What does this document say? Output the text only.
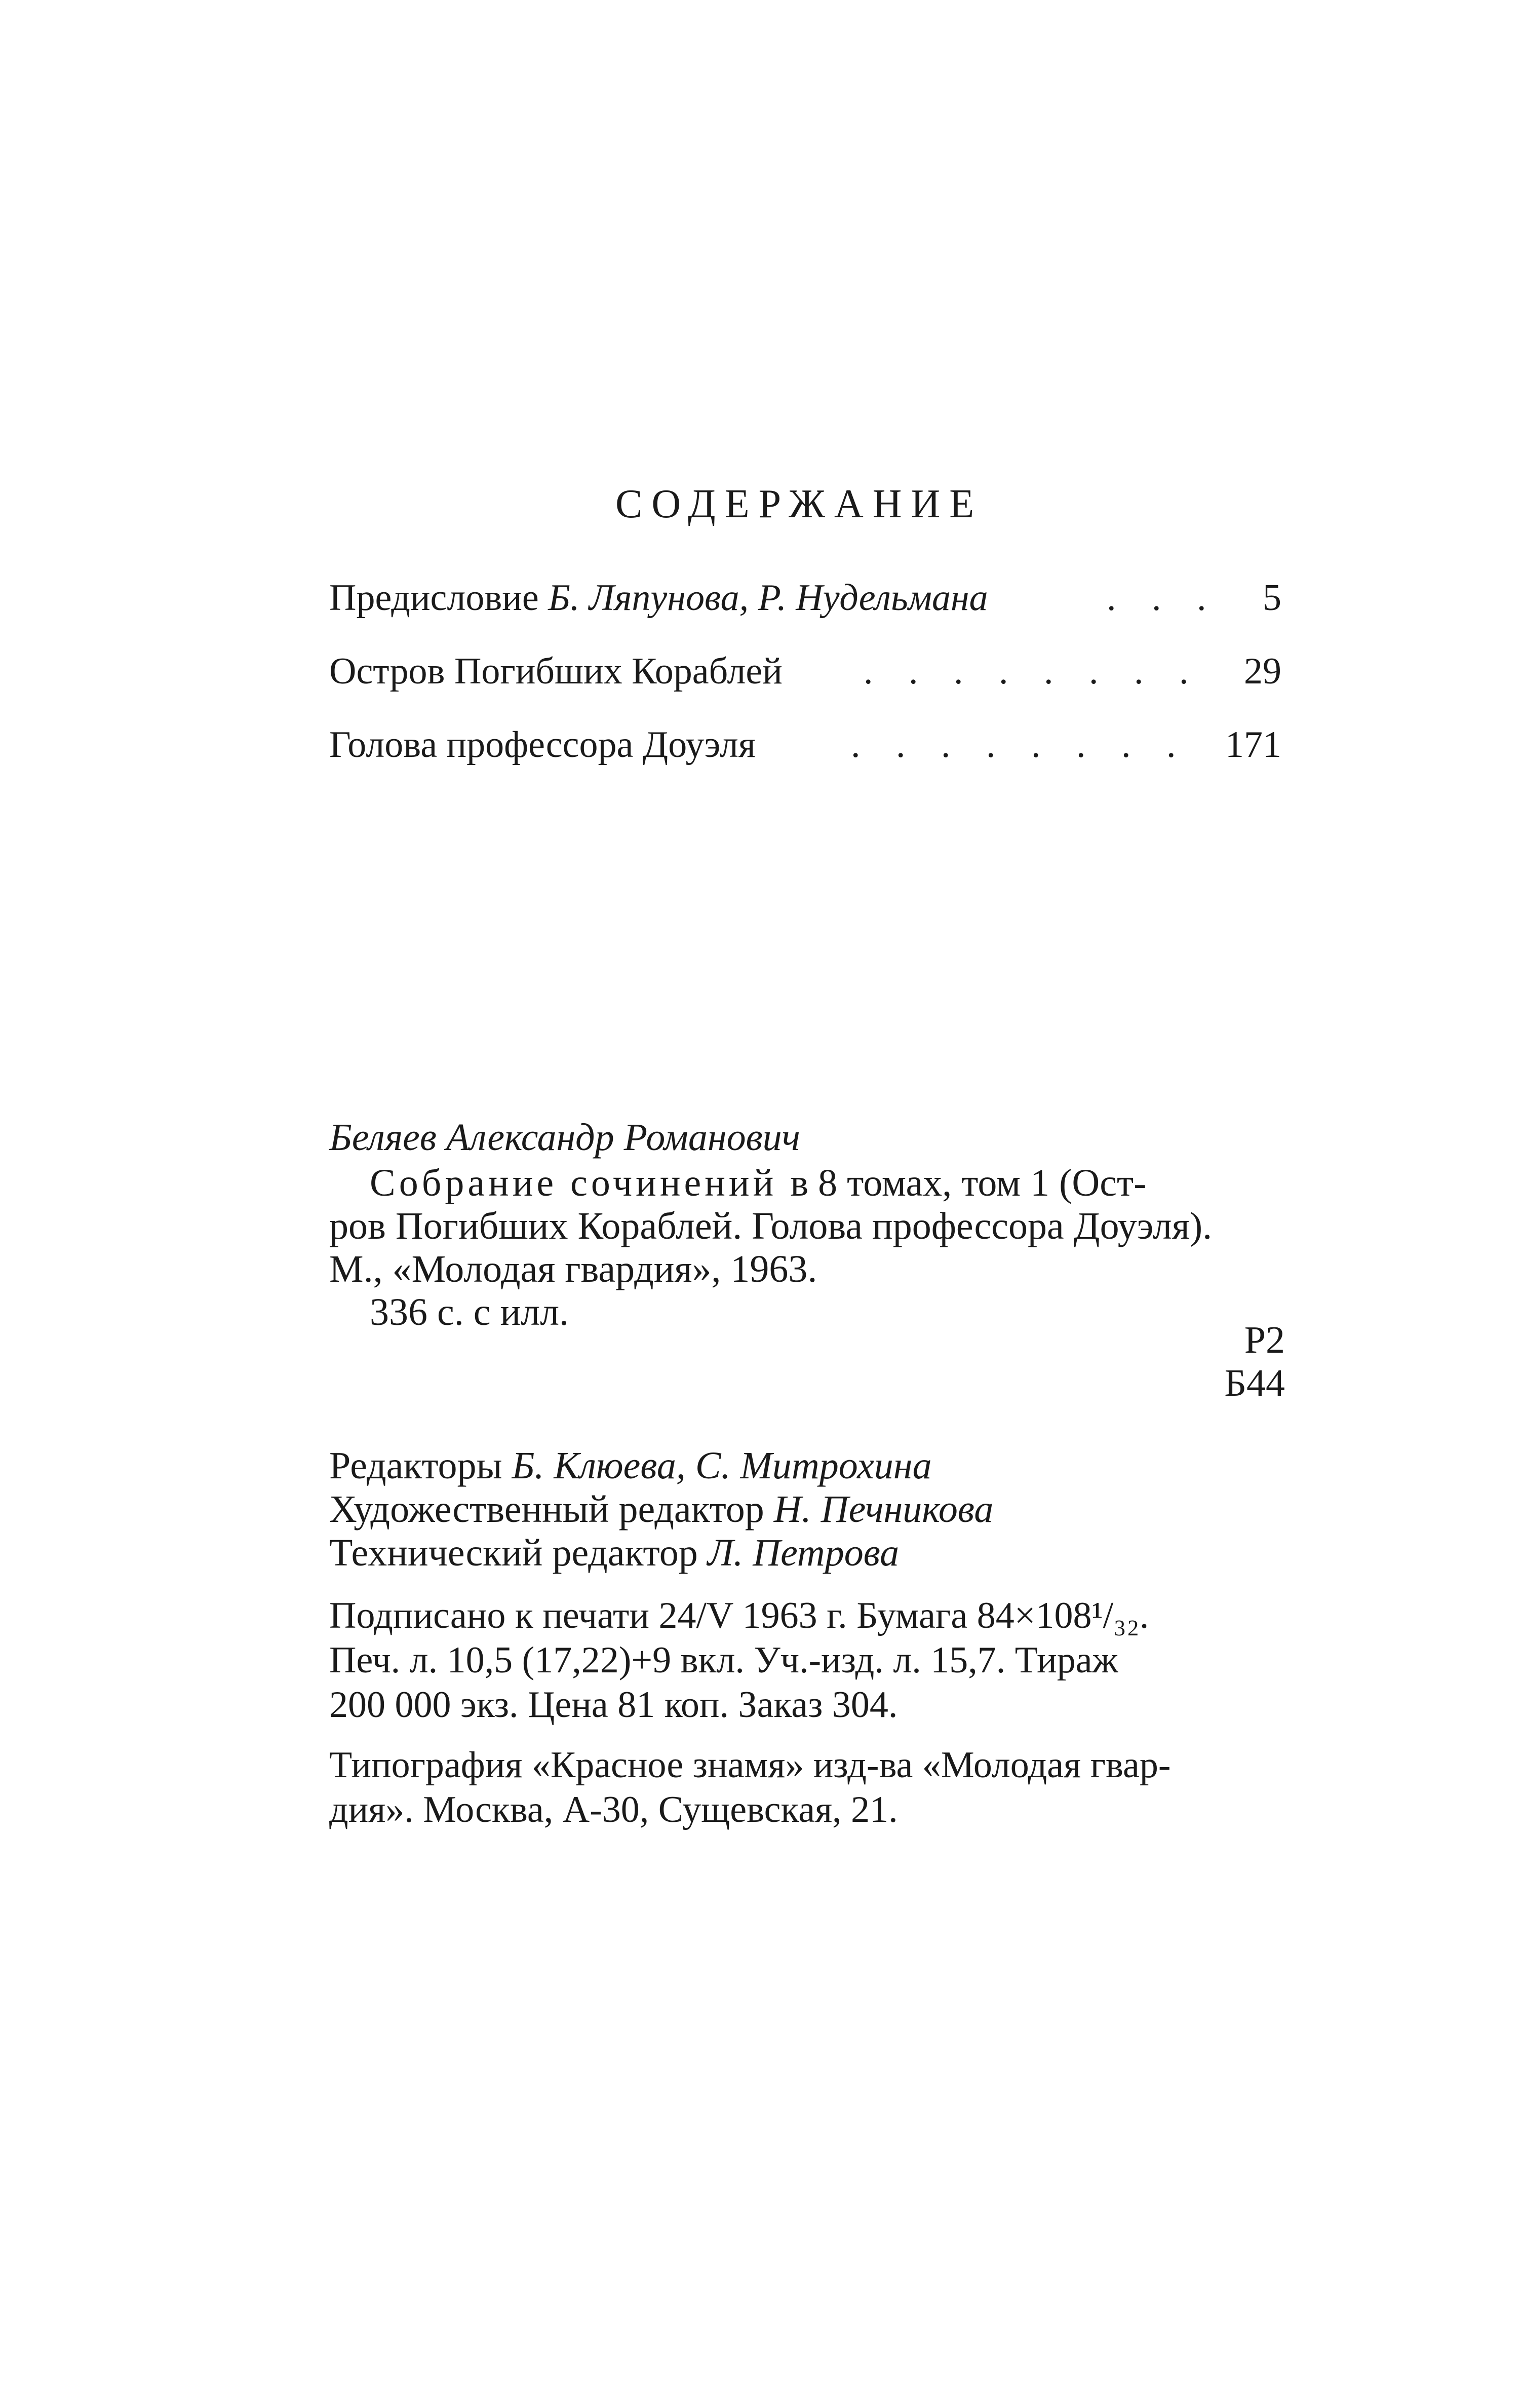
СОДЕРЖАНИЕ
Предисловие Б. Ляпунова, Р. Нудельмана	. . . 5
Остров Погибших Кораблей . . . . . . . . 29
Голова профессора Доуэля	. . . . . . . . 171
Беляев Александр Романович
Собрание сочинений в 8 томах, том 1 (Ост-
ров Погибших Кораблей. Голова профессора Доуэля).
М., «Молодая гвардия», 1963.
336 с. с илл.
Р2
Б44
Редакторы Б. Клюева, С. Митрохина
Художественный редактор Н. Печникова
Технический редактор Л. Петрова
Подписано к печати 24/V 1963 г. Бумага 84×108¹/₃₂.
Печ. л. 10,5 (17,22)+9 вкл. Уч.-изд. л. 15,7. Тираж
200 000 экз. Цена 81 коп. Заказ 304.
Типография «Красное знамя» изд-ва «Молодая гвар-
дия». Москва, А-30, Сущевская, 21.
